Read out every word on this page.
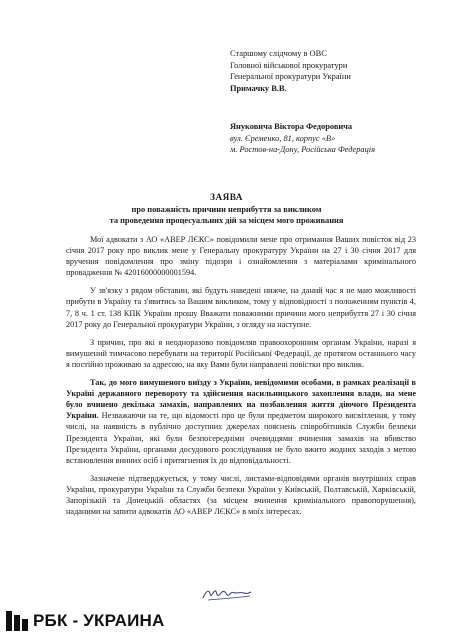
Старшому слідчому в ОВС
Головної військової прокуратури
Генеральної прокуратури України
Примачку В.В.
Януковича Віктора Федоровича
вул. Єременко, 81, корпус «В»
м. Ростов-на-Дону, Російська Федерація
ЗАЯВА
про поважність причини неприбуття за викликом
та проведення процесуальних дій за місцем мого проживання

Мої адвокати з АО «АВЕР ЛЄКС» повідомили мене про отримання Ваших повісток від 23 січня 2017 року про виклик мене у Генеральну прокуратуру України на 27 і 30 січня 2017 для вручення повідомлення про зміну підозри і ознайомлення з матеріалами кримінального провадження № 42016000000001594.

У зв'язку з рядом обставин, які будуть наведені нижче, на даний час я не маю можливості прибути в Україну та з'явитись за Вашим викликом, тому у відповідності з положенням пунктів 4, 7, 8 ч. 1 ст. 138 КПК України прошу Вважати поважними причини мого неприбуття 27 і 30 січня 2017 року до Генеральної прокуратури України, з огляду на наступне.

З причин, про які я неодноразово повідомляв правоохоронним органам України, наразі я вимушений тимчасово перебувати на території Російської Федерації, де протягом останнього часу я постійно проживаю за адресою, на яку Вами були направлені повістки про виклик.

Так, до мого вимушеного виїзду з України, невідомими особами, в рамках реалізації в Україні державного перевороту та здійснення насильницького захоплення влади, на мене було вчинено декілька замахів, направлених на позбавлення життя діючого Президента України. Незважаючи на те, що відомості про це були предметом широкого висвітлення, у тому числі, на наявність в публічно доступних джерелах пояснень співробітників Служби безпеки Президента України, які були безпосередніми очевидцями вчинення замахів на вбивство Президента України, органами досудового розслідування не було вжито жодних заходів з метою встановлення винних осіб і притягнення їх до відповідальності.

Зазначене підтверджується, у тому числі, листами-відповідями органів внутрішніх справ України, прокуратури України та Служби безпеки України у Київській, Полтавській, Харківській, Запорізькій та Донецькій областях (за місцем вчинення кримінального правопорушення), наданими на запити адвокатів АО «АВЕР ЛЄКС» в моїх інтересах.

РБК - УКРАИНА
